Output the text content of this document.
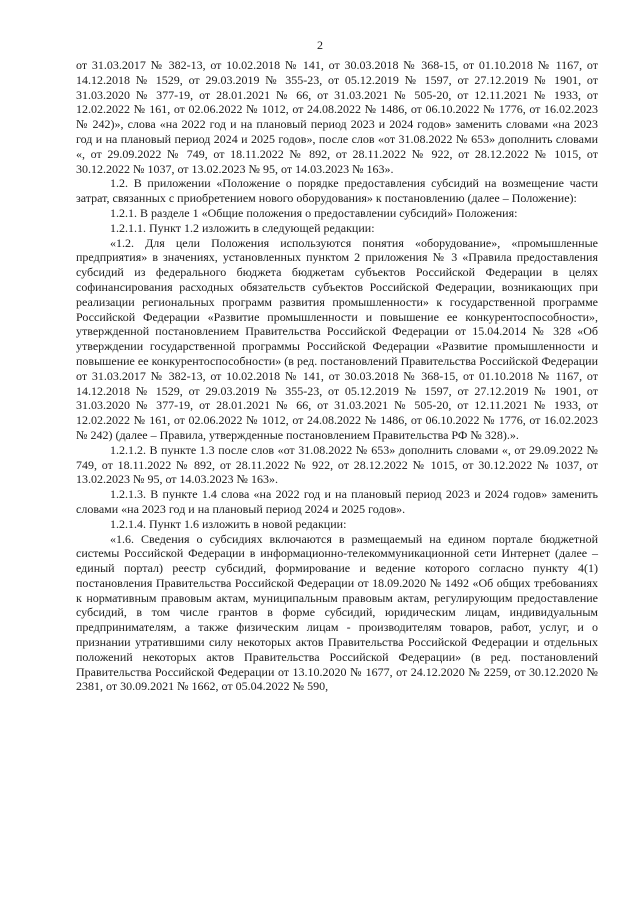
2

от 31.03.2017 № 382-13, от 10.02.2018 № 141, от 30.03.2018 № 368-15, от 01.10.2018 № 1167, от 14.12.2018 № 1529, от 29.03.2019 № 355-23, от 05.12.2019 № 1597, от 27.12.2019 № 1901, от 31.03.2020 № 377-19, от 28.01.2021 № 66, от 31.03.2021 № 505-20, от 12.11.2021 № 1933, от 12.02.2022 № 161, от 02.06.2022 № 1012, от 24.08.2022 № 1486, от 06.10.2022 № 1776, от 16.02.2023 № 242)», слова «на 2022 год и на плановый период 2023 и 2024 годов» заменить словами «на 2023 год и на плановый период 2024 и 2025 годов», после слов «от 31.08.2022 № 653» дополнить словами «, от 29.09.2022 № 749, от 18.11.2022 № 892, от 28.11.2022 № 922, от 28.12.2022 № 1015, от 30.12.2022 № 1037, от 13.02.2023 № 95, от 14.03.2023 № 163».

1.2. В приложении «Положение о порядке предоставления субсидий на возмещение части затрат, связанных с приобретением нового оборудования» к постановлению (далее – Положение):

1.2.1. В разделе 1 «Общие положения о предоставлении субсидий» Положения:

1.2.1.1. Пункт 1.2 изложить в следующей редакции:

«1.2. Для цели Положения используются понятия «оборудование», «промышленные предприятия» в значениях, установленных пунктом 2 приложения № 3 «Правила предоставления субсидий из федерального бюджета бюджетам субъектов Российской Федерации в целях софинансирования расходных обязательств субъектов Российской Федерации, возникающих при реализации региональных программ развития промышленности» к государственной программе Российской Федерации «Развитие промышленности и повышение ее конкурентоспособности», утвержденной постановлением Правительства Российской Федерации от 15.04.2014 № 328 «Об утверждении государственной программы Российской Федерации «Развитие промышленности и повышение ее конкурентоспособности» (в ред. постановлений Правительства Российской Федерации от 31.03.2017 № 382-13, от 10.02.2018 № 141, от 30.03.2018 № 368-15, от 01.10.2018 № 1167, от 14.12.2018 № 1529, от 29.03.2019 № 355-23, от 05.12.2019 № 1597, от 27.12.2019 № 1901, от 31.03.2020 № 377-19, от 28.01.2021 № 66, от 31.03.2021 № 505-20, от 12.11.2021 № 1933, от 12.02.2022 № 161, от 02.06.2022 № 1012, от 24.08.2022 № 1486, от 06.10.2022 № 1776, от 16.02.2023 № 242) (далее – Правила, утвержденные постановлением Правительства РФ № 328).».

1.2.1.2. В пункте 1.3 после слов «от 31.08.2022 № 653» дополнить словами «, от 29.09.2022 № 749, от 18.11.2022 № 892, от 28.11.2022 № 922, от 28.12.2022 № 1015, от 30.12.2022 № 1037, от 13.02.2023 № 95, от 14.03.2023 № 163».

1.2.1.3. В пункте 1.4 слова «на 2022 год и на плановый период 2023 и 2024 годов» заменить словами «на 2023 год и на плановый период 2024 и 2025 годов».

1.2.1.4. Пункт 1.6 изложить в новой редакции:

«1.6. Сведения о субсидиях включаются в размещаемый на едином портале бюджетной системы Российской Федерации в информационно-телекоммуникационной сети Интернет (далее – единый портал) реестр субсидий, формирование и ведение которого согласно пункту 4(1) постановления Правительства Российской Федерации от 18.09.2020 № 1492 «Об общих требованиях к нормативным правовым актам, муниципальным правовым актам, регулирующим предоставление субсидий, в том числе грантов в форме субсидий, юридическим лицам, индивидуальным предпринимателям, а также физическим лицам - производителям товаров, работ, услуг, и о признании утратившими силу некоторых актов Правительства Российской Федерации и отдельных положений некоторых актов Правительства Российской Федерации» (в ред. постановлений Правительства Российской Федерации от 13.10.2020 № 1677, от 24.12.2020 № 2259, от 30.12.2020 № 2381, от 30.09.2021 № 1662, от 05.04.2022 № 590,
